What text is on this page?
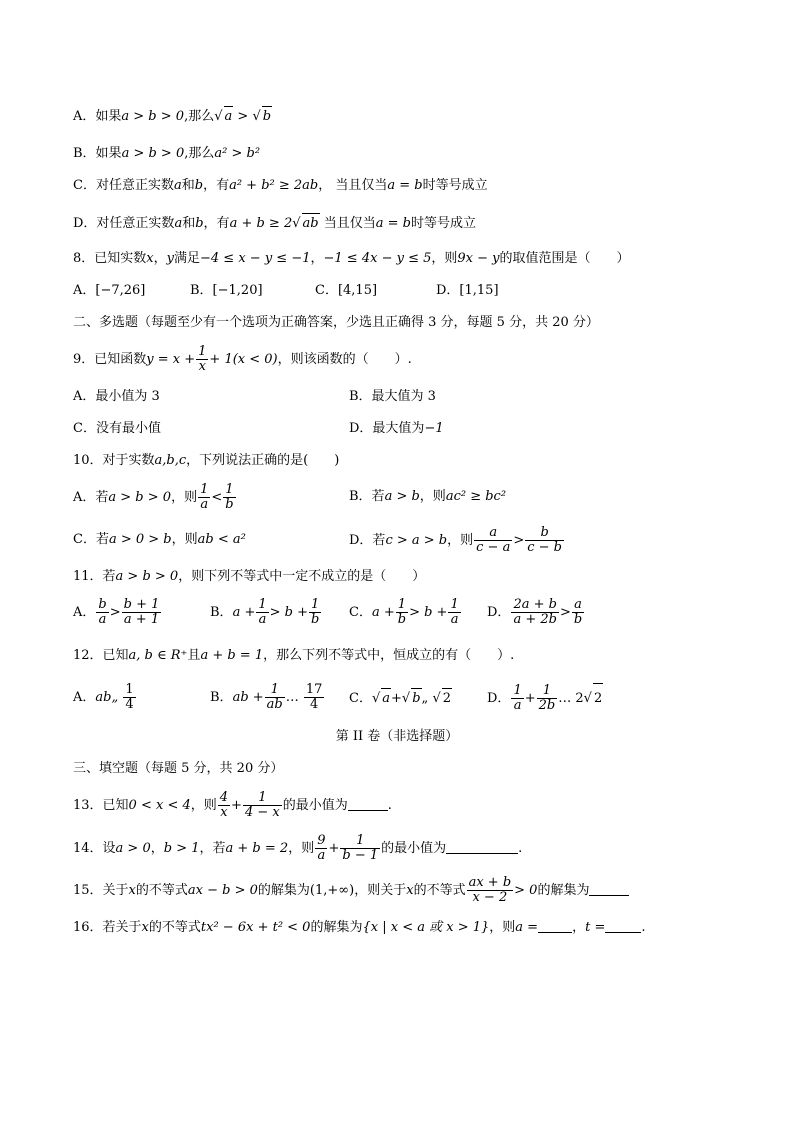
A．如果a > b > 0,那么√ a > √ b
B．如果a > b > 0,那么a² > b²
C．对任意正实数a和b，有a² + b² ≥ 2ab， 当且仅当a = b时等号成立
D．对任意正实数a和b，有a + b ≥ 2√ ab 当且仅当a = b时等号成立
8．已知实数x，y满足−4 ≤ x − y ≤ −1，−1 ≤ 4x − y ≤ 5，则9x − y的取值范围是（　　）
A．[−7,26]	B．[−1,20]	C．[4,15]	D．[1,15]
二、多选题（每题至少有一个选项为正确答案，少选且正确得 3 分，每题 5 分，共 20 分）
9．已知函数$y = x + \frac{1}{x} + 1(x < 0)$，则该函数的（　　）.
A．最小值为 3	B．最大值为 3
C．没有最小值	D．最大值为−1
10．对于实数a,b,c，下列说法正确的是(　　)
A．若a > b > 0，则 $\frac{1}{a} < \frac{1}{b}$	B．若a > b，则ac² ≥ bc²
C．若a > 0 > b，则ab < a²	D．若c > a > b，则 $\frac{a}{c - a} > \frac{b}{c - b}$
11．若a > b > 0，则下列不等式中一定不成立的是（　　）
A． $\frac{b}{a} > \frac{b + 1}{a + 1}$	B．$a + \frac{1}{a} > b + \frac{1}{b}$ C．$a + \frac{1}{b} > b + \frac{1}{a}$ D． $\frac{2a + b}{a + 2b} > \frac{a}{b}$
12．已知a, b ∈ R⁺且a + b = 1，那么下列不等式中，恒成立的有（　　）.
A．ab„ $\frac{1}{4}$	B．ab + $\frac{1}{ab}$ … $\frac{17}{4}$ C．√ a+√ b„ √ 2	D． $\frac{1}{a} + \frac{1}{2b}$ … 2√ 2
第 II 卷（非选择题）
三、填空题（每题 5 分，共 20 分）
13．已知0 < x < 4，则 $\frac{4}{x} + \frac{1}{4 - x}$ 的最小值为	.
14．设a > 0，b > 1，若a + b = 2，则 $\frac{9}{a} + \frac{1}{b - 1}$ 的最小值为	.
15．关于x的不等式ax − b > 0的解集为(1,+∞)，则关于x的不等式 $\frac{ax + b}{x - 2} > 0$的解集为
16．若关于x的不等式tx² − 6x + t² < 0的解集为{x | x < a 或 x > 1}，则a =	，t =	.
